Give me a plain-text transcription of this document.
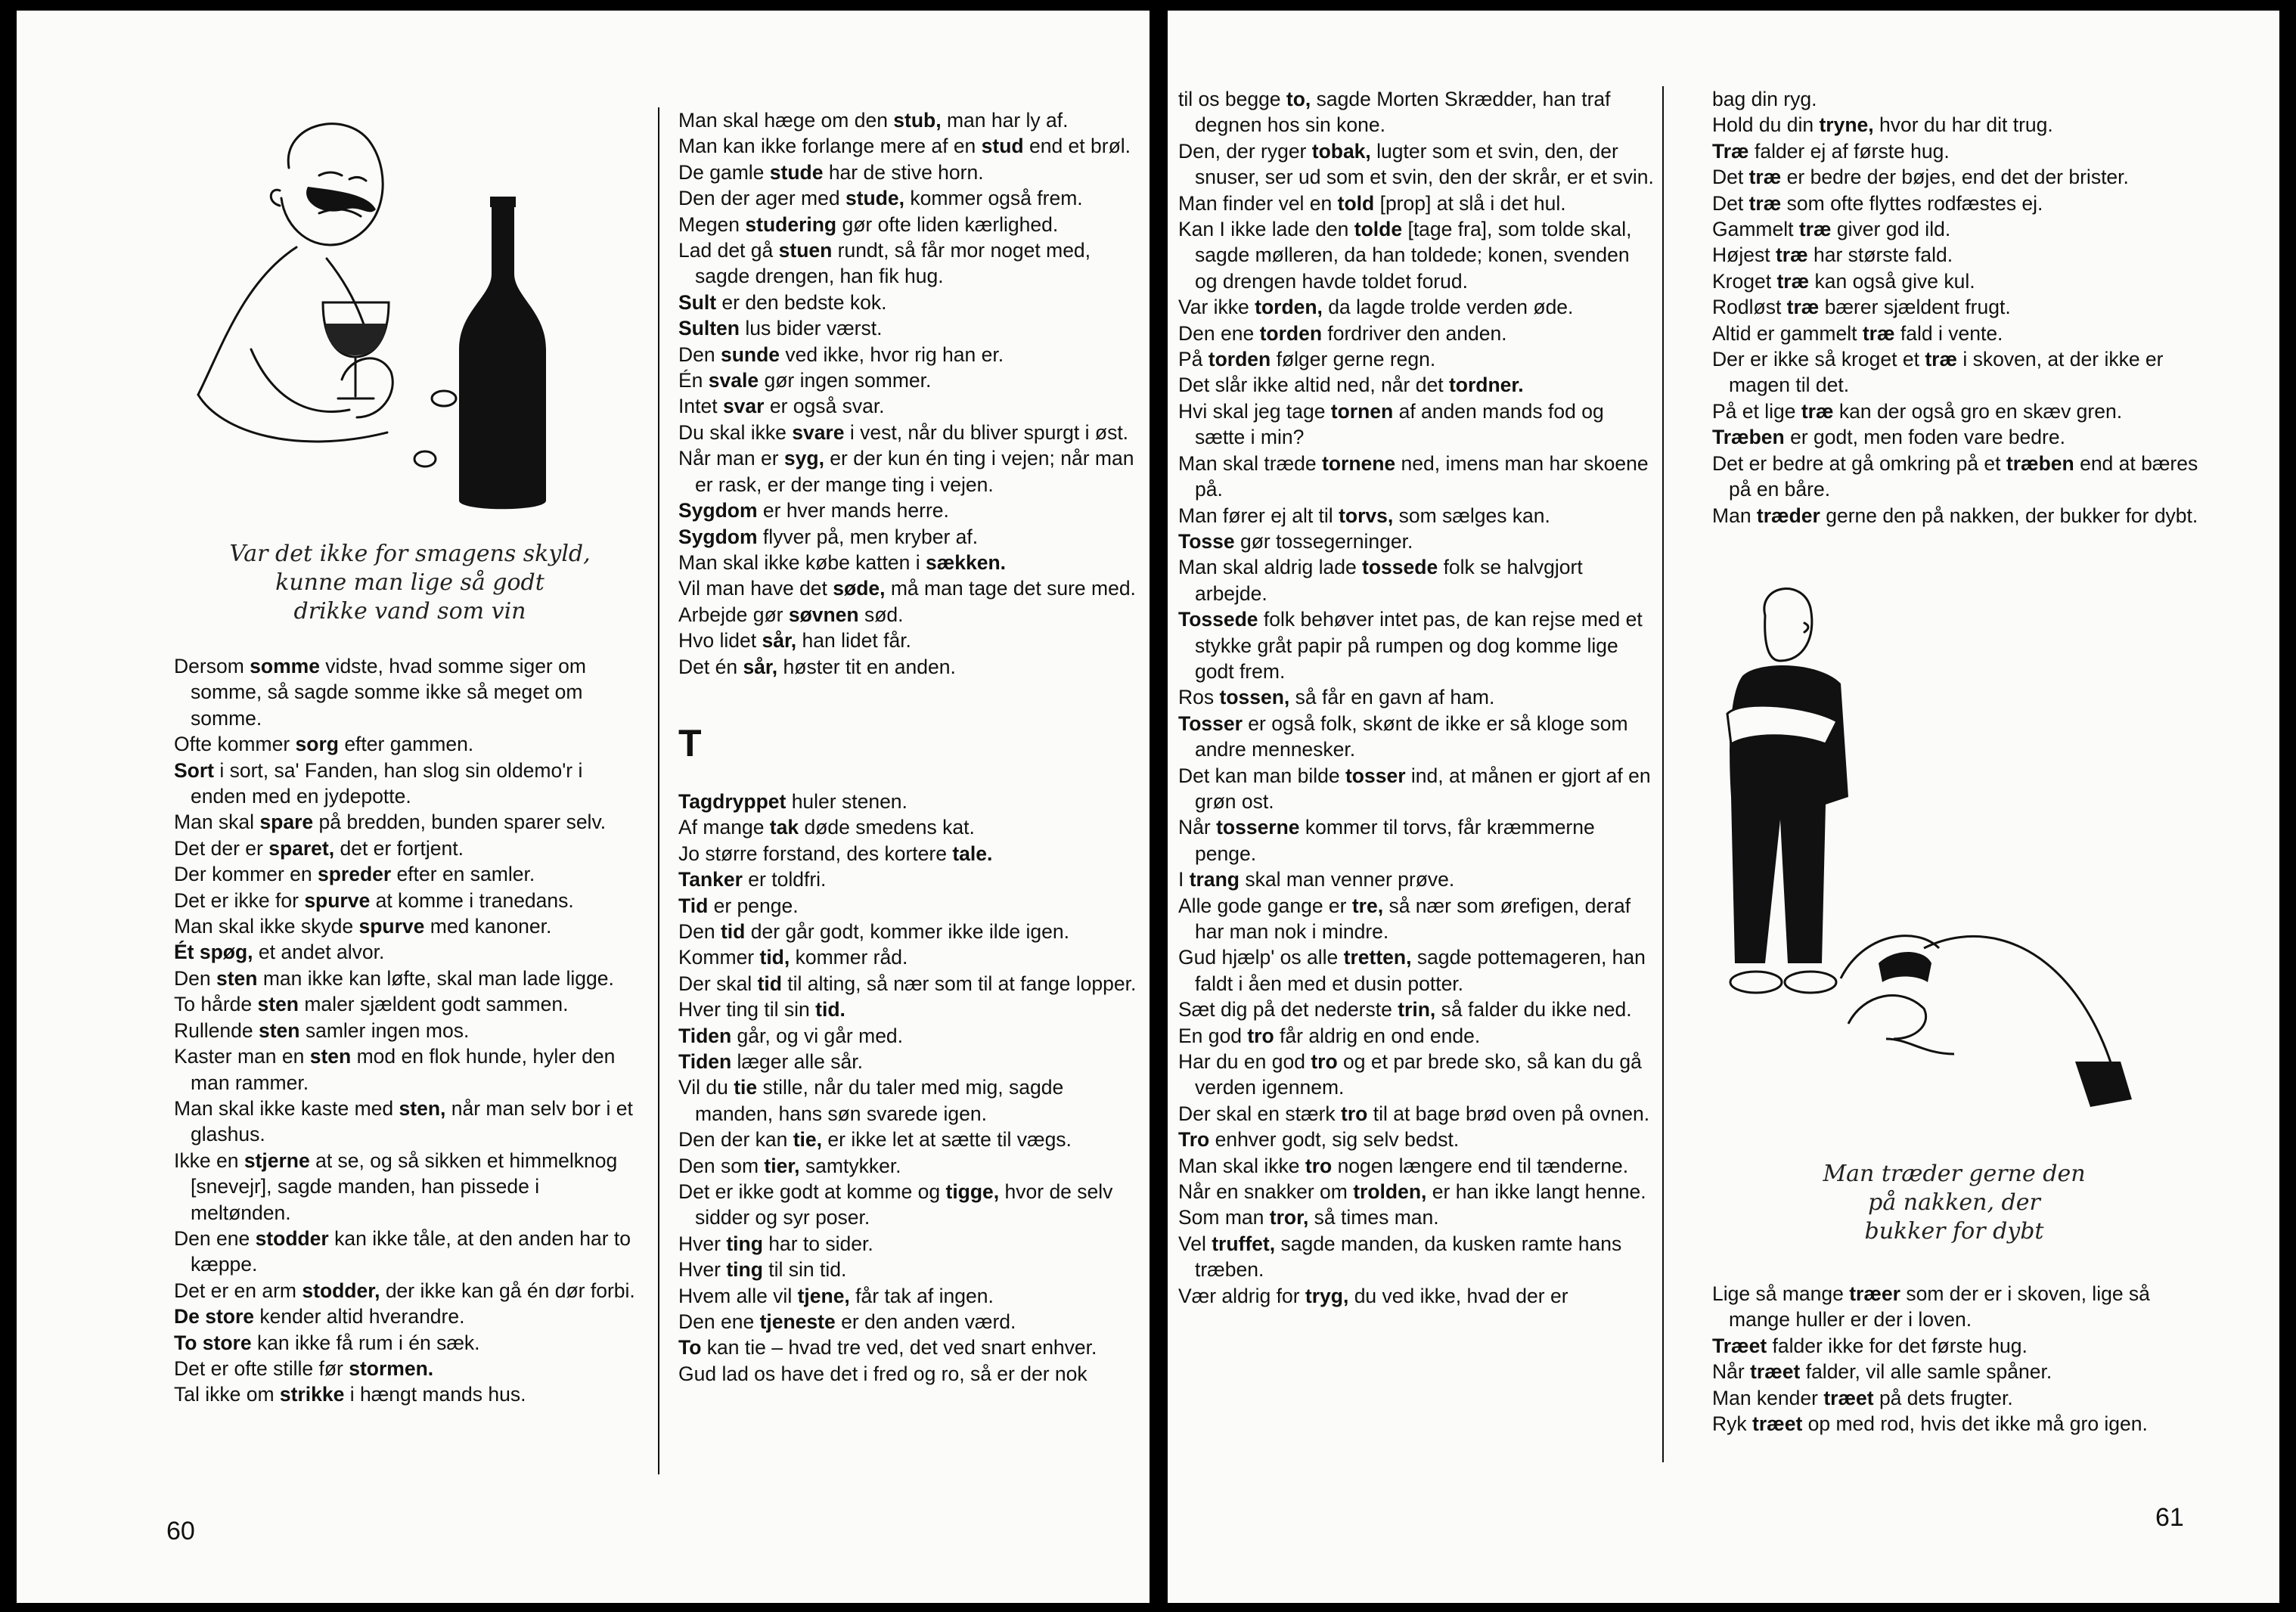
Var det ikke for smagens skyld,
kunne man lige så godt
drikke vand som vin

Dersom somme vidste, hvad somme siger om somme, så sagde somme ikke så meget om somme.

Ofte kommer sorg efter gammen.

Sort i sort, sa' Fanden, han slog sin oldemo'r i enden med en jydepotte.

Man skal spare på bredden, bunden sparer selv.

Det der er sparet, det er fortjent.

Der kommer en spreder efter en samler.

Det er ikke for spurve at komme i tranedans.

Man skal ikke skyde spurve med kanoner.

Ét spøg, et andet alvor.

Den sten man ikke kan løfte, skal man lade ligge.

To hårde sten maler sjældent godt sammen.

Rullende sten samler ingen mos.

Kaster man en sten mod en flok hunde, hyler den man rammer.

Man skal ikke kaste med sten, når man selv bor i et glashus.

Ikke en stjerne at se, og så sikken et himmelknog [snevejr], sagde manden, han pissede i meltønden.

Den ene stodder kan ikke tåle, at den anden har to kæppe.

Det er en arm stodder, der ikke kan gå én dør forbi.

De store kender altid hverandre.

To store kan ikke få rum i én sæk.

Det er ofte stille før stormen.

Tal ikke om strikke i hængt mands hus.

Man skal hæge om den stub, man har ly af.

Man kan ikke forlange mere af en stud end et brøl.

De gamle stude har de stive horn.

Den der ager med stude, kommer også frem.

Megen studering gør ofte liden kærlighed.

Lad det gå stuen rundt, så får mor noget med, sagde drengen, han fik hug.

Sult er den bedste kok.

Sulten lus bider værst.

Den sunde ved ikke, hvor rig han er.

Én svale gør ingen sommer.

Intet svar er også svar.

Du skal ikke svare i vest, når du bliver spurgt i øst.

Når man er syg, er der kun én ting i vejen; når man er rask, er der mange ting i vejen.

Sygdom er hver mands herre.

Sygdom flyver på, men kryber af.

Man skal ikke købe katten i sækken.

Vil man have det søde, må man tage det sure med.

Arbejde gør søvnen sød.

Hvo lidet sår, han lidet får.

Det én sår, høster tit en anden.

T

Tagdryppet huler stenen.

Af mange tak døde smedens kat.

Jo større forstand, des kortere tale.

Tanker er toldfri.

Tid er penge.

Den tid der går godt, kommer ikke ilde igen.

Kommer tid, kommer råd.

Der skal tid til alting, så nær som til at fange lopper.

Hver ting til sin tid.

Tiden går, og vi går med.

Tiden læger alle sår.

Vil du tie stille, når du taler med mig, sagde manden, hans søn svarede igen.

Den der kan tie, er ikke let at sætte til vægs.

Den som tier, samtykker.

Det er ikke godt at komme og tigge, hvor de selv sidder og syr poser.

Hver ting har to sider.

Hver ting til sin tid.

Hvem alle vil tjene, får tak af ingen.

Den ene tjeneste er den anden værd.

To kan tie – hvad tre ved, det ved snart enhver.

Gud lad os have det i fred og ro, så er der nok

60

til os begge to, sagde Morten Skrædder, han traf degnen hos sin kone.

Den, der ryger tobak, lugter som et svin, den, der snuser, ser ud som et svin, den der skrår, er et svin.

Man finder vel en told [prop] at slå i det hul.

Kan I ikke lade den tolde [tage fra], som tolde skal, sagde mølleren, da han toldede; konen, svenden og drengen havde toldet forud.

Var ikke torden, da lagde trolde verden øde.

Den ene torden fordriver den anden.

På torden følger gerne regn.

Det slår ikke altid ned, når det tordner.

Hvi skal jeg tage tornen af anden mands fod og sætte i min?

Man skal træde tornene ned, imens man har skoene på.

Man fører ej alt til torvs, som sælges kan.

Tosse gør tossegerninger.

Man skal aldrig lade tossede folk se halvgjort arbejde.

Tossede folk behøver intet pas, de kan rejse med et stykke gråt papir på rumpen og dog komme lige godt frem.

Ros tossen, så får en gavn af ham.

Tosser er også folk, skønt de ikke er så kloge som andre mennesker.

Det kan man bilde tosser ind, at månen er gjort af en grøn ost.

Når tosserne kommer til torvs, får kræmmerne penge.

I trang skal man venner prøve.

Alle gode gange er tre, så nær som ørefigen, deraf har man nok i mindre.

Gud hjælp' os alle tretten, sagde pottemageren, han faldt i åen med et dusin potter.

Sæt dig på det nederste trin, så falder du ikke ned.

En god tro får aldrig en ond ende.

Har du en god tro og et par brede sko, så kan du gå verden igennem.

Der skal en stærk tro til at bage brød oven på ovnen.

Tro enhver godt, sig selv bedst.

Man skal ikke tro nogen længere end til tænderne.

Når en snakker om trolden, er han ikke langt henne.

Som man tror, så times man.

Vel truffet, sagde manden, da kusken ramte hans træben.

Vær aldrig for tryg, du ved ikke, hvad der er

bag din ryg.

Hold du din tryne, hvor du har dit trug.

Træ falder ej af første hug.

Det træ er bedre der bøjes, end det der brister.

Det træ som ofte flyttes rodfæstes ej.

Gammelt træ giver god ild.

Højest træ har største fald.

Kroget træ kan også give kul.

Rodløst træ bærer sjældent frugt.

Altid er gammelt træ fald i vente.

Der er ikke så kroget et træ i skoven, at der ikke er magen til det.

På et lige træ kan der også gro en skæv gren.

Træben er godt, men foden vare bedre.

Det er bedre at gå omkring på et træben end at bæres på en båre.

Man træder gerne den på nakken, der bukker for dybt.

Man træder gerne den
på nakken, der
bukker for dybt

Lige så mange træer som der er i skoven, lige så mange huller er der i loven.

Træet falder ikke for det første hug.

Når træet falder, vil alle samle spåner.

Man kender træet på dets frugter.

Ryk træet op med rod, hvis det ikke må gro igen.

61
